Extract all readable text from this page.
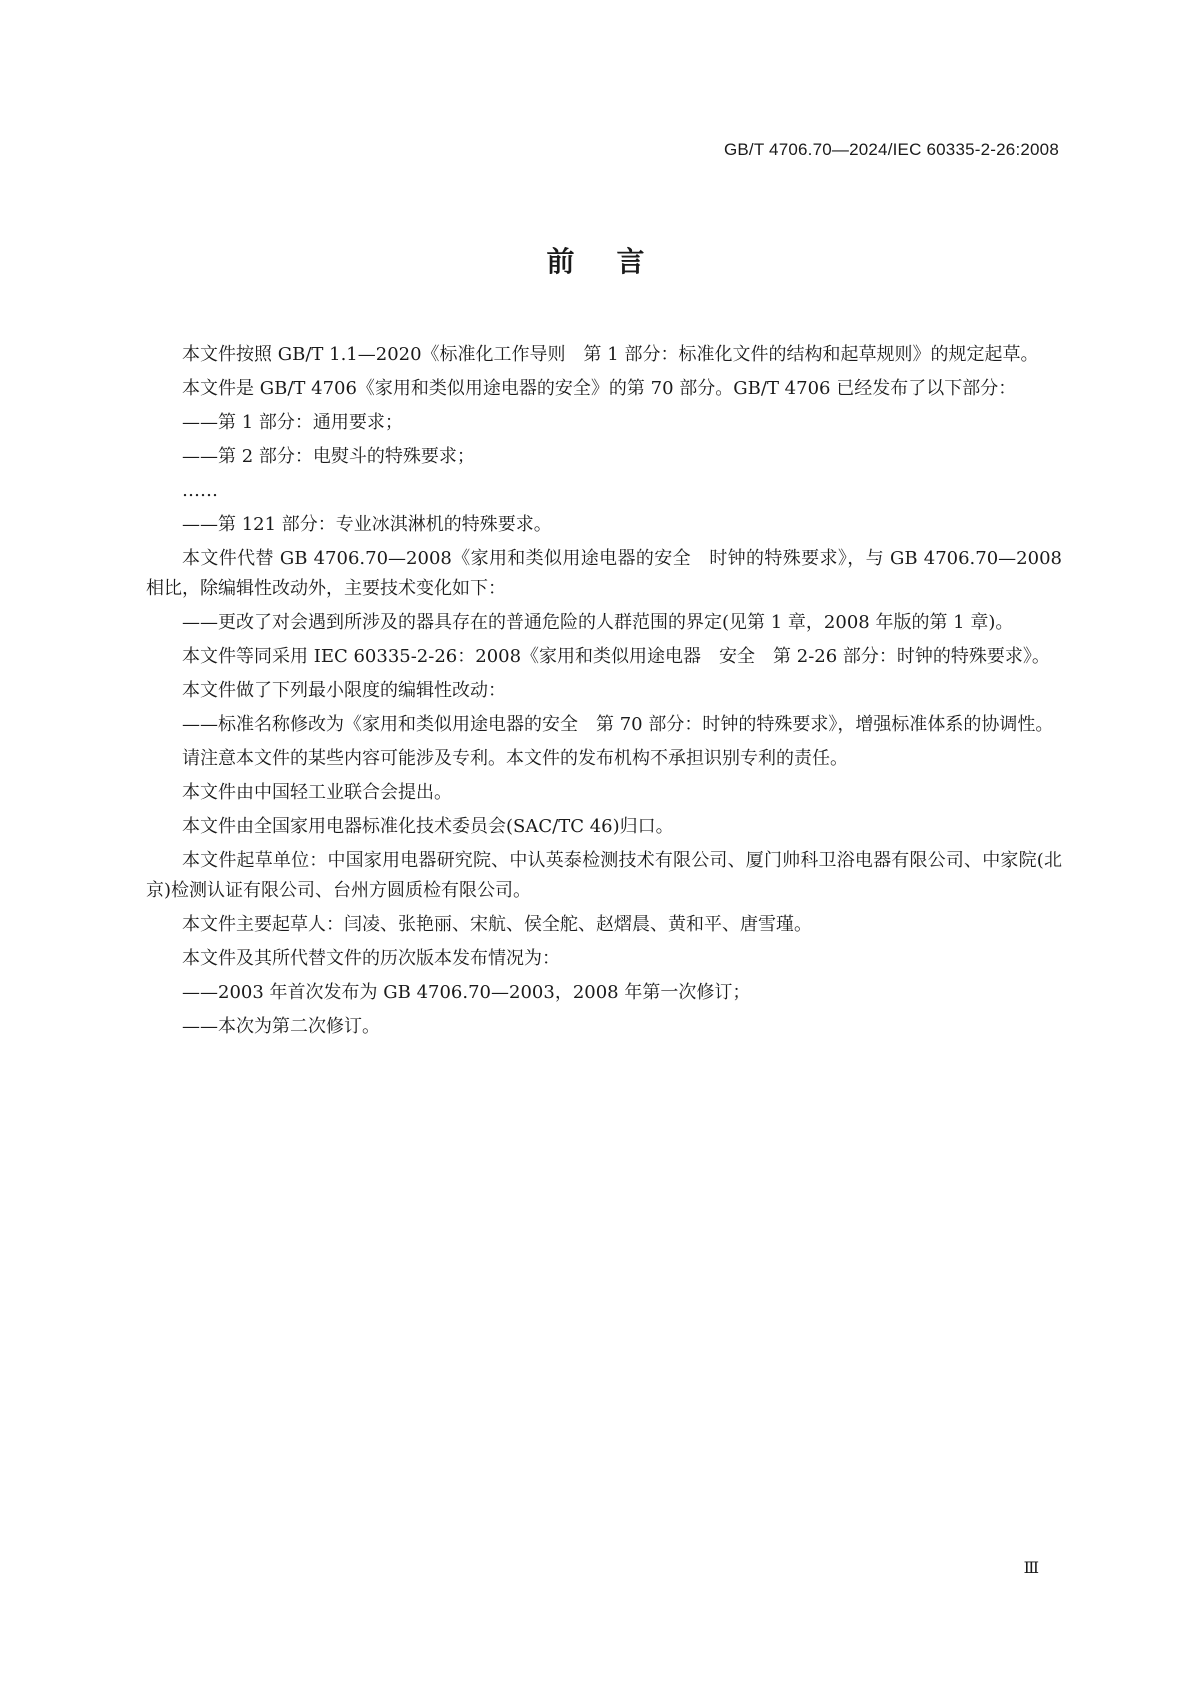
GB/T 4706.70—2024/IEC 60335-2-26:2008
前言

本文件按照 GB/T 1.1—2020《标准化工作导则　第 1 部分：标准化文件的结构和起草规则》的规定起草。

本文件是 GB/T 4706《家用和类似用途电器的安全》的第 70 部分。GB/T 4706 已经发布了以下部分：

——第 1 部分：通用要求；

——第 2 部分：电熨斗的特殊要求；

……

——第 121 部分：专业冰淇淋机的特殊要求。

本文件代替 GB 4706.70—2008《家用和类似用途电器的安全　时钟的特殊要求》，与 GB 4706.70—2008 相比，除编辑性改动外，主要技术变化如下：

——更改了对会遇到所涉及的器具存在的普通危险的人群范围的界定(见第 1 章，2008 年版的第 1 章)。

本文件等同采用 IEC 60335-2-26：2008《家用和类似用途电器　安全　第 2-26 部分：时钟的特殊要求》。

本文件做了下列最小限度的编辑性改动：

——标准名称修改为《家用和类似用途电器的安全　第 70 部分：时钟的特殊要求》，增强标准体系的协调性。

请注意本文件的某些内容可能涉及专利。本文件的发布机构不承担识别专利的责任。

本文件由中国轻工业联合会提出。

本文件由全国家用电器标准化技术委员会(SAC/TC 46)归口。

本文件起草单位：中国家用电器研究院、中认英泰检测技术有限公司、厦门帅科卫浴电器有限公司、中家院(北京)检测认证有限公司、台州方圆质检有限公司。

本文件主要起草人：闫凌、张艳丽、宋航、侯全舵、赵熠晨、黄和平、唐雪瑾。

本文件及其所代替文件的历次版本发布情况为：

——2003 年首次发布为 GB 4706.70—2003，2008 年第一次修订；

——本次为第二次修订。

Ⅲ
